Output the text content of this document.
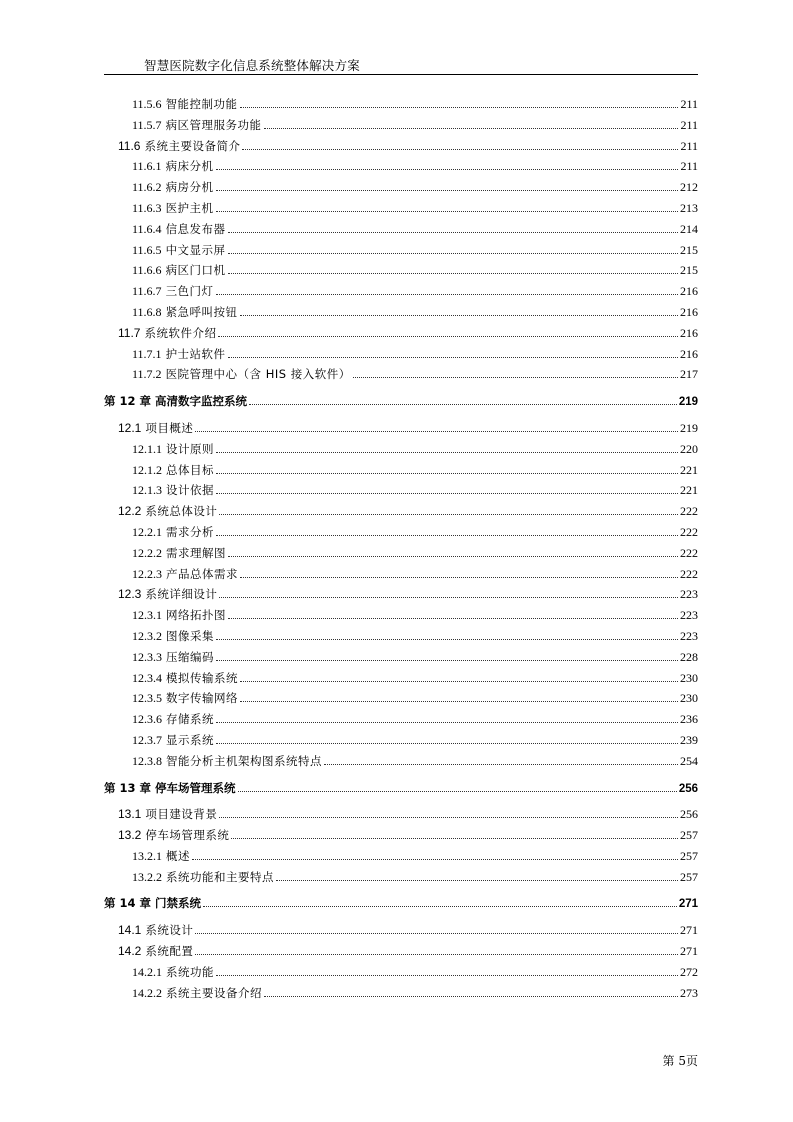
智慧医院数字化信息系统整体解决方案
11.5.6 智能控制功能	211
11.5.7 病区管理服务功能	211
11.6 系统主要设备简介	211
11.6.1 病床分机	211
11.6.2 病房分机	212
11.6.3 医护主机	213
11.6.4 信息发布器	214
11.6.5 中文显示屏	215
11.6.6 病区门口机	215
11.6.7 三色门灯	216
11.6.8 紧急呼叫按钮	216
11.7 系统软件介绍	216
11.7.1 护士站软件	216
11.7.2 医院管理中心（含 HIS 接入软件）	217
第 12 章 高清数字监控系统	219
12.1 项目概述	219
12.1.1 设计原则	220
12.1.2 总体目标	221
12.1.3 设计依据	221
12.2 系统总体设计	222
12.2.1 需求分析	222
12.2.2 需求理解图	222
12.2.3 产品总体需求	222
12.3 系统详细设计	223
12.3.1 网络拓扑图	223
12.3.2 图像采集	223
12.3.3 压缩编码	228
12.3.4 模拟传输系统	230
12.3.5 数字传输网络	230
12.3.6 存储系统	236
12.3.7 显示系统	239
12.3.8 智能分析主机架构图系统特点	254
第 13 章 停车场管理系统	256
13.1 项目建设背景	256
13.2 停车场管理系统	257
13.2.1 概述	257
13.2.2 系统功能和主要特点	257
第 14 章 门禁系统	271
14.1 系统设计	271
14.2 系统配置	271
14.2.1 系统功能	272
14.2.2 系统主要设备介绍	273
第 5页
